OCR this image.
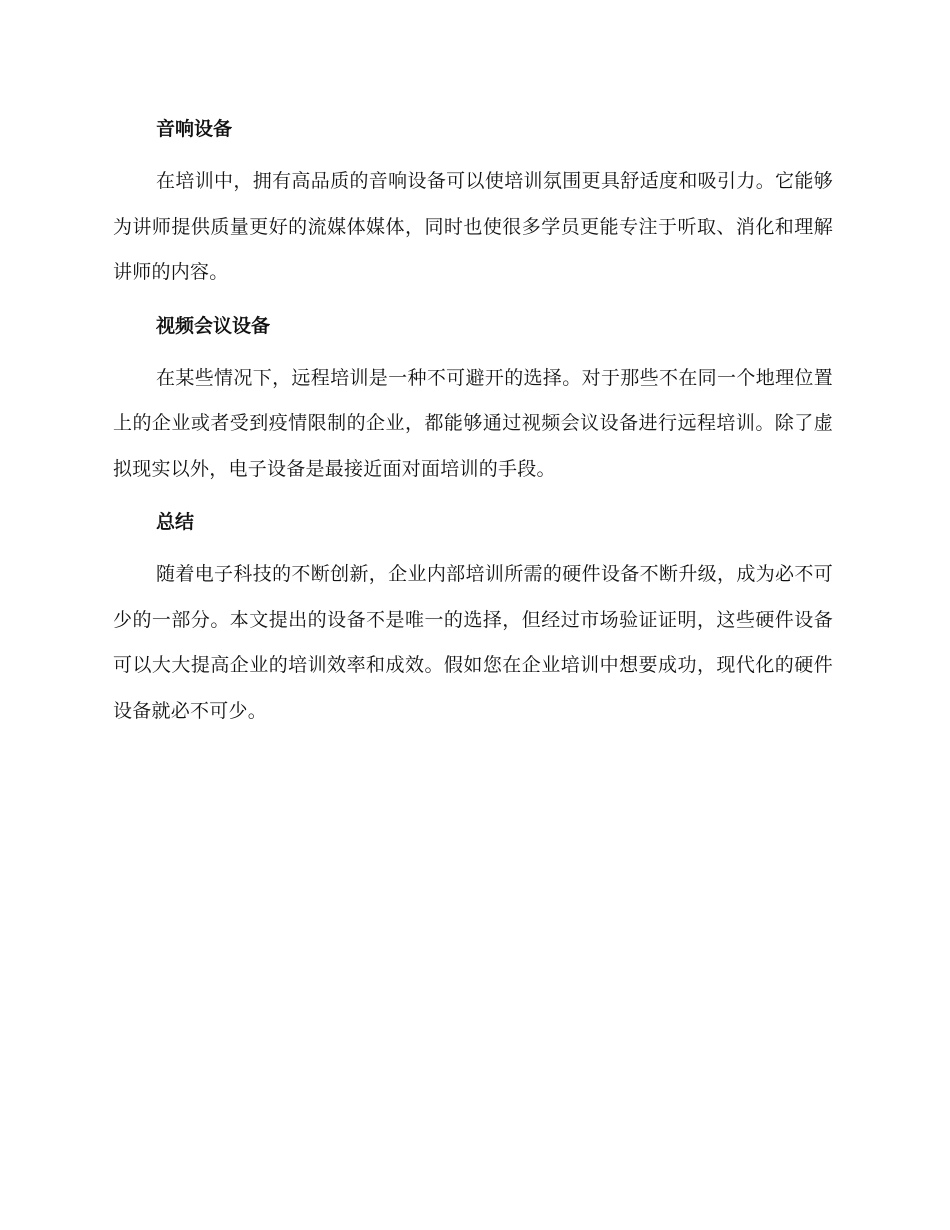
音响设备

在培训中，拥有高品质的音响设备可以使培训氛围更具舒适度和吸引力。它能够为讲师提供质量更好的流媒体媒体，同时也使很多学员更能专注于听取、消化和理解讲师的内容。

视频会议设备

在某些情况下，远程培训是一种不可避开的选择。对于那些不在同一个地理位置上的企业或者受到疫情限制的企业，都能够通过视频会议设备进行远程培训。除了虚拟现实以外，电子设备是最接近面对面培训的手段。

总结

随着电子科技的不断创新，企业内部培训所需的硬件设备不断升级，成为必不可少的一部分。本文提出的设备不是唯一的选择，但经过市场验证证明，这些硬件设备可以大大提高企业的培训效率和成效。假如您在企业培训中想要成功，现代化的硬件设备就必不可少。
